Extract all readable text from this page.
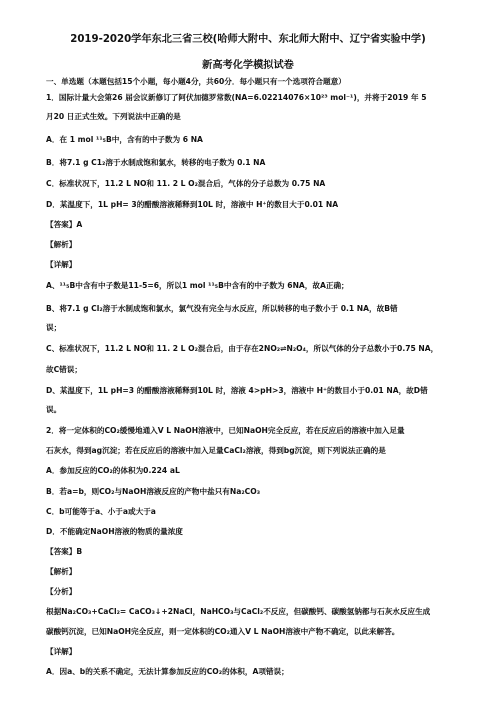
2019-2020学年东北三省三校(哈师大附中、东北师大附中、辽宁省实验中学)
新高考化学模拟试卷
一、单选题（本题包括15个小题，每小题4分，共60分．每小题只有一个选项符合题意）
1．国际计量大会第26 届会议新修订了阿伏加德罗常数(NA=6.02214076×10²³ mol⁻¹)，并将于2019 年 5
月20 日正式生效。下列说法中正确的是
A．在 1 mol ¹¹₅B中，含有的中子数为 6 NA
B．将7.1 g C1₂溶于水制成饱和氯水，转移的电子数为 0.1 NA
C．标准状况下，11.2 L NO和 11. 2 L O₂混合后，气体的分子总数为 0.75 NA
D．某温度下，1L pH= 3的醋酸溶液稀释到10L 时，溶液中 H⁺的数目大于0.01 NA
【答案】A
【解析】
【详解】
A、¹¹₅B中含有中子数是11-5=6，所以1 mol ¹¹₅B中含有的中子数为 6NA，故A正确；
B、将7.1 g Cl₂溶于水制成饱和氯水，氯气没有完全与水反应，所以转移的电子数小于 0.1 NA，故B错
误；
C、标准状况下，11.2 L NO和 11. 2 L O₂混合后，由于存在2NO₂⇌N₂O₄，所以气体的分子总数小于0.75 NA，
故C错误；
D、某温度下，1L pH=3 的醋酸溶液稀释到10L 时，溶液 4>pH>3，溶液中 H⁺的数目小于0.01 NA，故D错
误。
2．将一定体积的CO₂缓慢地通入V L NaOH溶液中，已知NaOH完全反应，若在反应后的溶液中加入足量
石灰水，得到ag沉淀；若在反应后的溶液中加入足量CaCl₂溶液，得到bg沉淀，则下列说法正确的是
A．参加反应的CO₂的体积为0.224 aL
B．若a=b，则CO₂与NaOH溶液反应的产物中盐只有Na₂CO₃
C．b可能等于a、小于a或大于a
D．不能确定NaOH溶液的物质的量浓度
【答案】B
【解析】
【分析】
根据Na₂CO₃+CaCl₂= CaCO₃↓+2NaCl，NaHCO₃与CaCl₂不反应，但碳酸钙、碳酸氢钠都与石灰水反应生成
碳酸钙沉淀，已知NaOH完全反应，则一定体积的CO₂通入V L NaOH溶液中产物不确定，以此来解答。
【详解】
A．因a、b的关系不确定，无法计算参加反应的CO₂的体积，A项错误；
